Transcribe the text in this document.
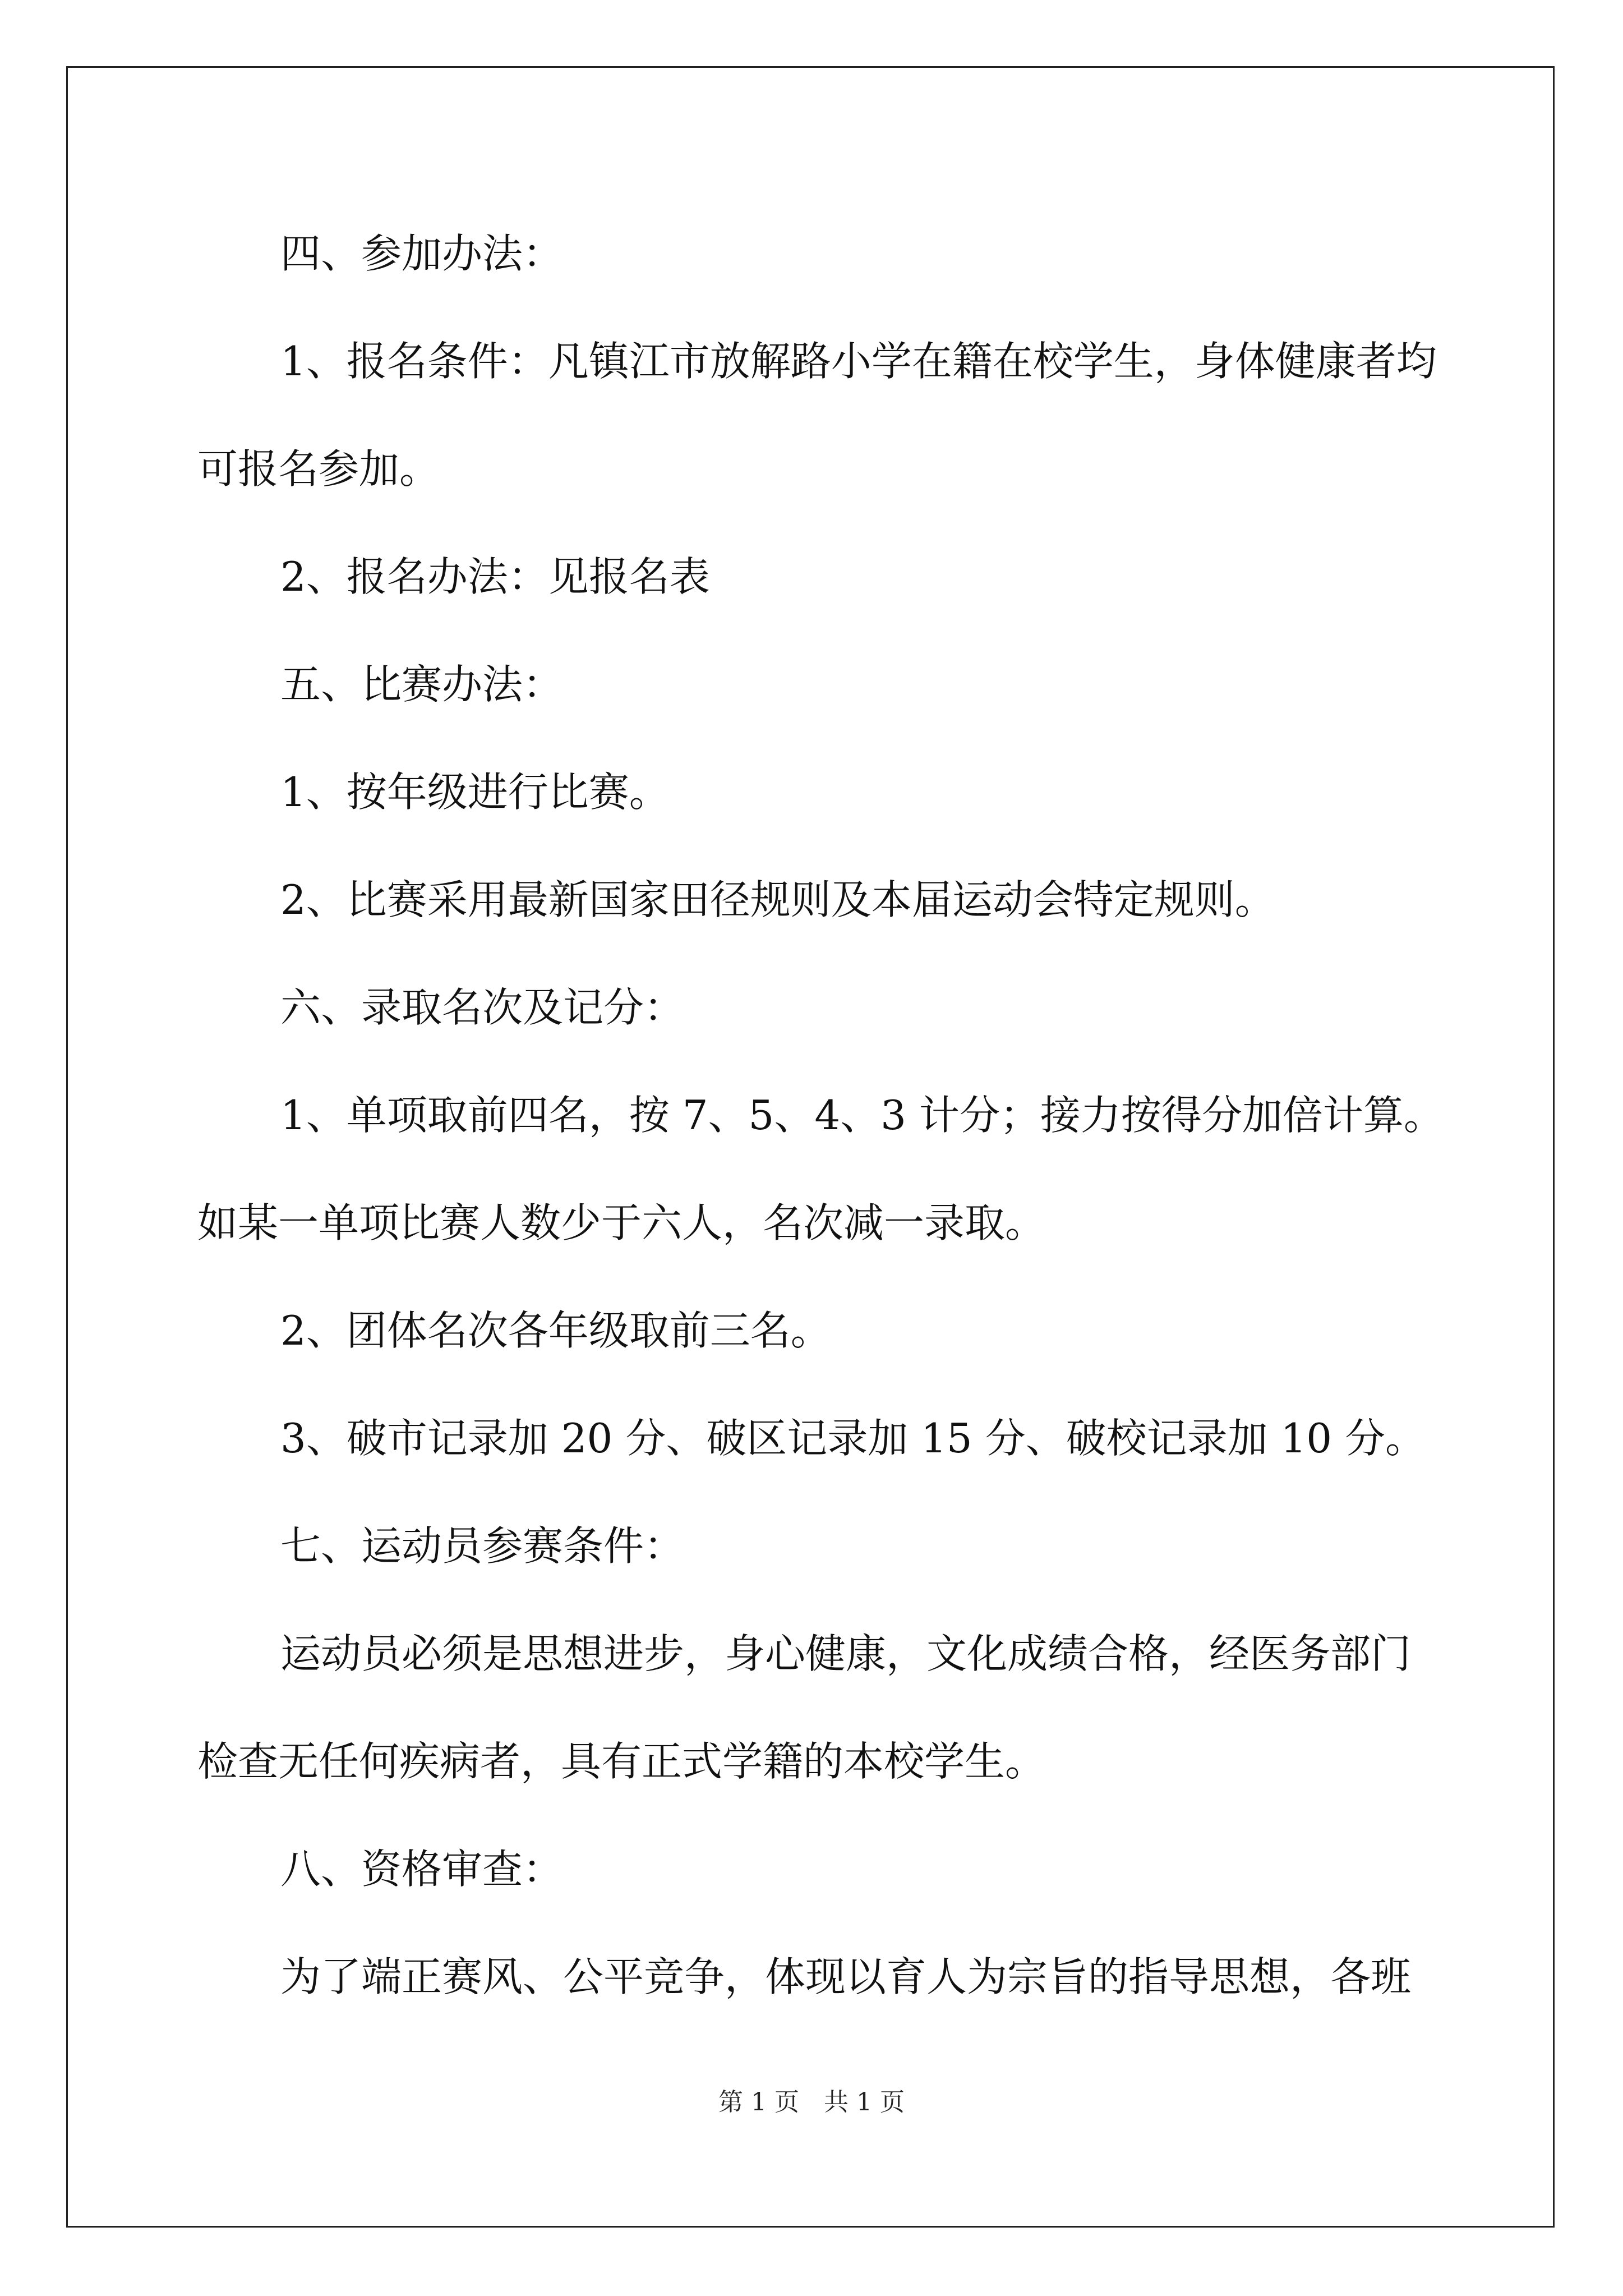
四、参加办法：
1、报名条件：凡镇江市放解路小学在籍在校学生，身体健康者均
可报名参加。
2、报名办法：见报名表
五、比赛办法：
1、按年级进行比赛。
2、比赛采用最新国家田径规则及本届运动会特定规则。
六、录取名次及记分：
1、单项取前四名，按 7、5、4、3 计分；接力按得分加倍计算。
如某一单项比赛人数少于六人，名次减一录取。
2、团体名次各年级取前三名。
3、破市记录加 20 分、破区记录加 15 分、破校记录加 10 分。
七、运动员参赛条件：
运动员必须是思想进步，身心健康，文化成绩合格，经医务部门
检查无任何疾病者，具有正式学籍的本校学生。
八、资格审查：
为了端正赛风、公平竞争，体现以育人为宗旨的指导思想，各班
第 1 页　共 1 页
